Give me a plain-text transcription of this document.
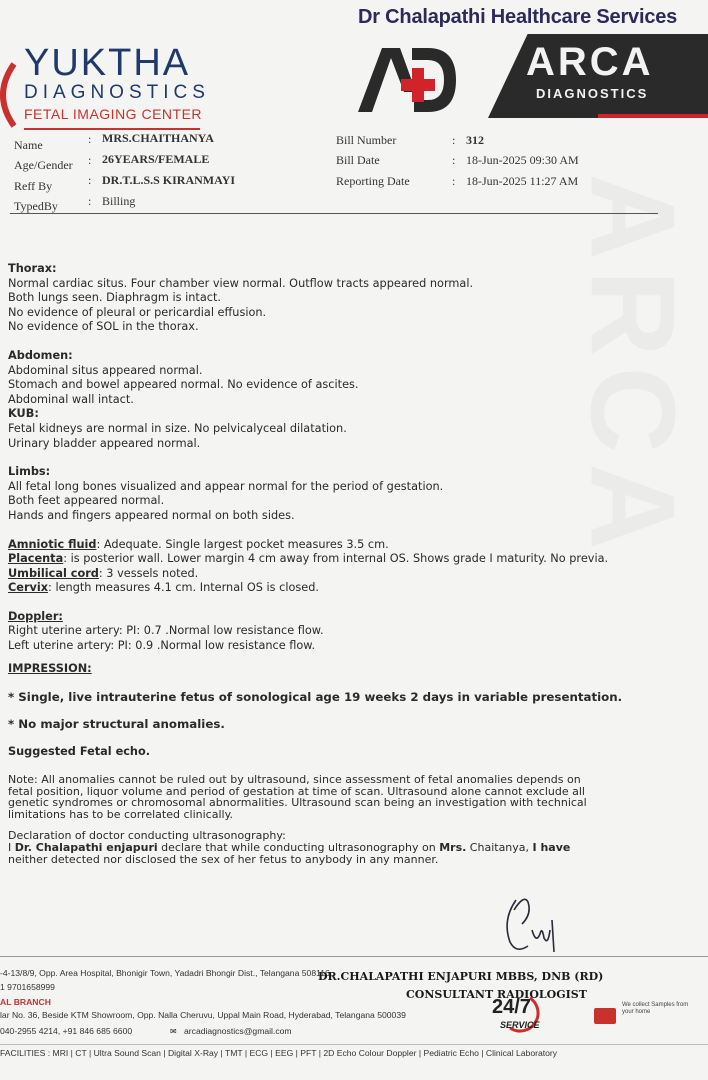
Dr Chalapathi Healthcare Services
YUKTHA
DIAGNOSTICS
FETAL IMAGING CENTER
ARCA
DIAGNOSTICS
Name	: MRS.CHAITHANYA
Age/Gender : 26YEARS/FEMALE
Reff By	: DR.T.L.S.S KIRANMAYI
TypedBy	: Billing
Bill Number	: 312
Bill Date	: 18-Jun-2025 09:30 AM
Reporting Date	: 18-Jun-2025 11:27 AM

Thorax:

Normal cardiac situs. Four chamber view normal. Outflow tracts appeared normal.

Both lungs seen. Diaphragm is intact.

No evidence of pleural or pericardial effusion.

No evidence of SOL in the thorax.

Abdomen:

Abdominal situs appeared normal.

Stomach and bowel appeared normal. No evidence of ascites.

Abdominal wall intact.

KUB:

Fetal kidneys are normal in size. No pelvicalyceal dilatation.

Urinary bladder appeared normal.

Limbs:

All fetal long bones visualized and appear normal for the period of gestation.

Both feet appeared normal.

Hands and fingers appeared normal on both sides.

Amniotic fluid: Adequate. Single largest pocket measures 3.5 cm.

Placenta: is posterior wall. Lower margin 4 cm away from internal OS. Shows grade I maturity. No previa.

Umbilical cord: 3 vessels noted.

Cervix: length measures 4.1 cm. Internal OS is closed.

Doppler:

Right uterine artery: PI: 0.7 .Normal low resistance flow.

Left uterine artery: PI: 0.9 .Normal low resistance flow.

IMPRESSION:

* Single, live intrauterine fetus of sonological age 19 weeks 2 days in variable presentation.

* No major structural anomalies.

Suggested Fetal echo.

Note: All anomalies cannot be ruled out by ultrasound, since assessment of fetal anomalies depends on

fetal position, liquor volume and period of gestation at time of scan. Ultrasound alone cannot exclude all

genetic syndromes or chromosomal abnormalities. Ultrasound scan being an investigation with technical

limitations has to be correlated clinically.

Declaration of doctor conducting ultrasonography:

I Dr. Chalapathi enjapuri declare that while conducting ultrasonography on Mrs. Chaitanya, I have

neither detected nor disclosed the sex of her fetus to anybody in any manner.

-4-13/8/9, Opp. Area Hospital, Bhonigir Town, Yadadri Bhongir Dist., Telangana 508116
DR.CHALAPATHI ENJAPURI MBBS, DNB (RD)
CONSULTANT RADIOLOGIST
1 9701658999
AL BRANCH
lar No. 36, Beside KTM Showroom, Opp. Nalla Cheruvu, Uppal Main Road, Hyderabad, Telangana 500039
040-2955 4214, +91 846 685 6600	✉ arcadiagnostics@gmail.com
24/7
SERVICE
We collect Samples from your home
FACILITIES : MRI | CT | Ultra Sound Scan | Digital X-Ray | TMT | ECG | EEG | PFT | 2D Echo Colour Doppler | Pediatric Echo | Clinical Laboratory
